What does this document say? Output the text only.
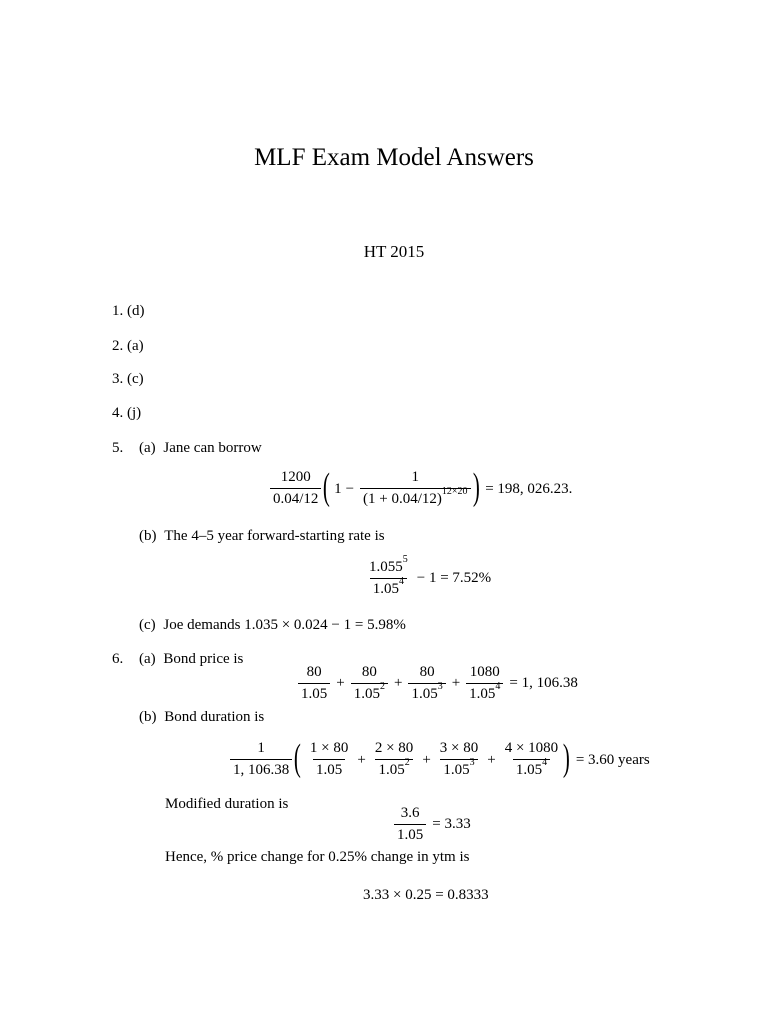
MLF Exam Model Answers
HT 2015
1. (d)
2. (a)
3. (c)
4. (j)
5. (a) Jane can borrow
$\frac{1200}{0.04/12}$ ( $1 - \frac{1}{(1 + 0.04/12)^{12\times 20}}$ ) = 198, 026.23.
(b) The 4–5 year forward-starting rate is
$\frac{1.055^5}{1.05^4} - 1 = 7.52\%$
(c) Joe demands 1.035 × 0.024 − 1 = 5.98%
6. (a) Bond price is
$\frac{80}{1.05} + \frac{80}{1.05^2} + \frac{80}{1.05^3} + \frac{1080}{1.05^4} = 1$, 106.38
(b) Bond duration is
$\frac{1}{1, 106.38}$ ( $\frac{1 \times 80}{1.05} + \frac{2 \times 80}{1.05^2} + \frac{3 \times 80}{1.05^3} + \frac{4 \times 1080}{1.05^4}$ ) = 3.60 years
Modified duration is
$\frac{3.6}{1.05} = 3.33$
Hence, % price change for 0.25% change in ytm is
3.33 × 0.25 = 0.8333
